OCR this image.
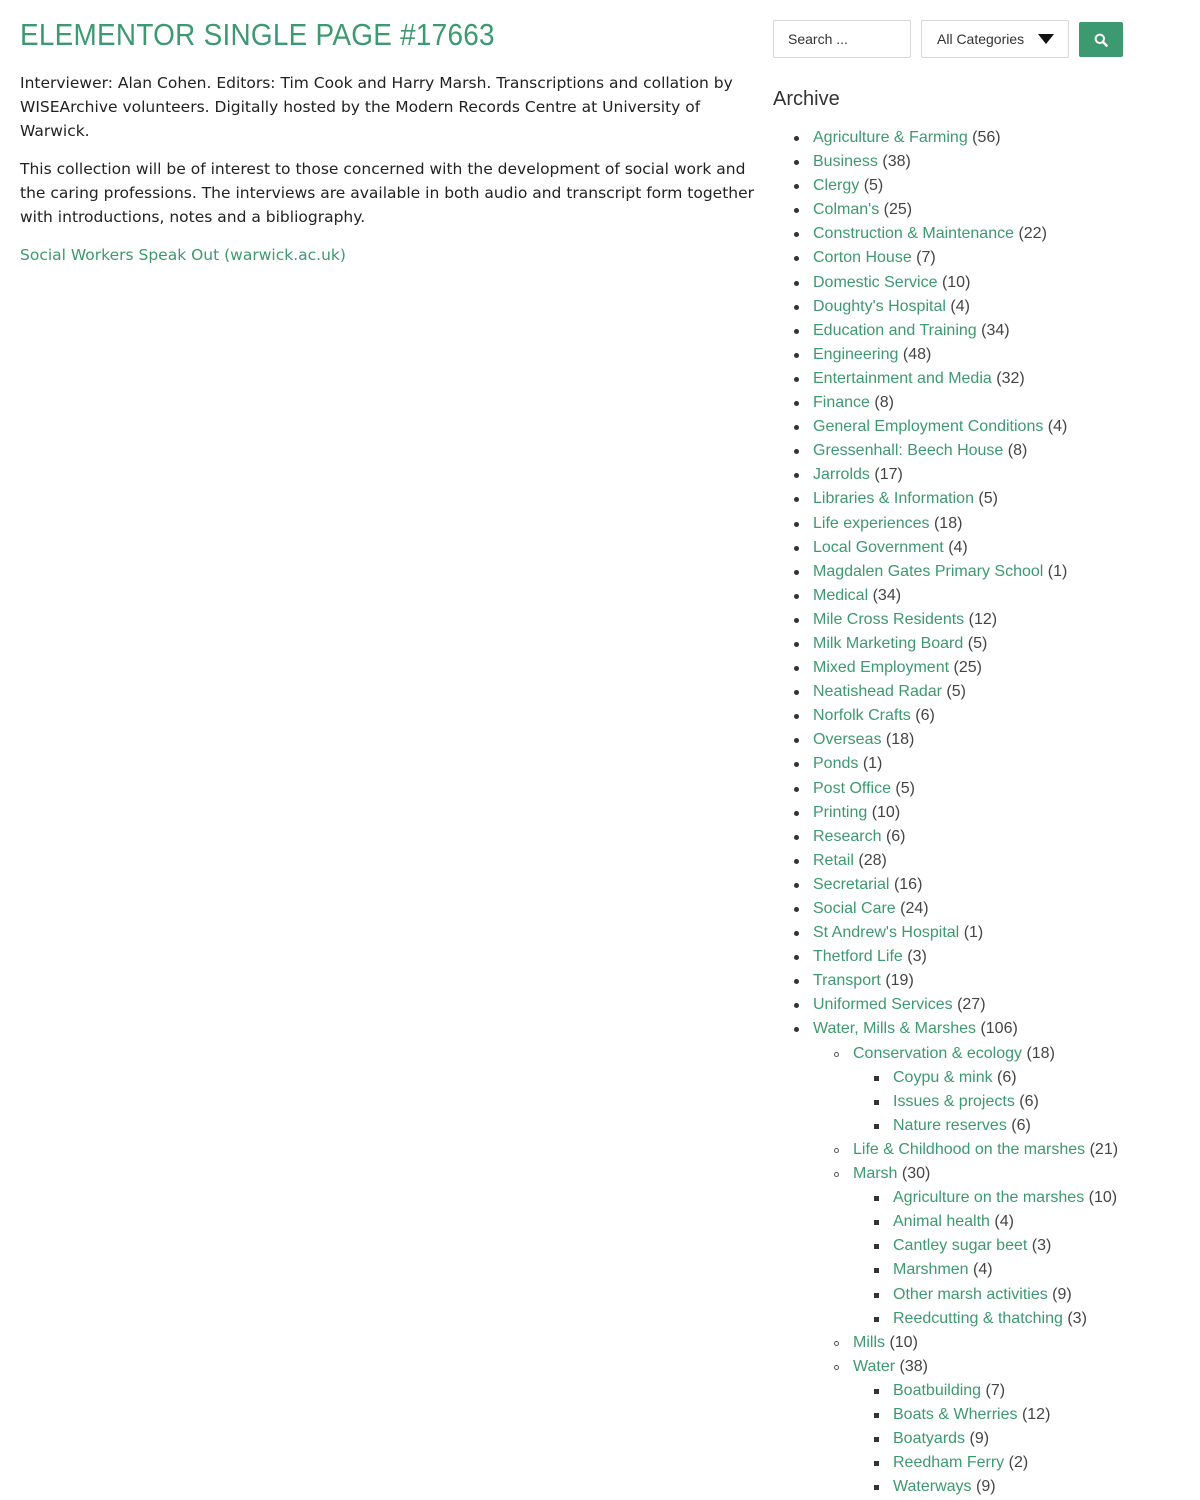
ELEMENTOR SINGLE PAGE #17663

Interviewer: Alan Cohen. Editors: Tim Cook and Harry Marsh. Transcriptions and collation by WISEArchive volunteers. Digitally hosted by the Modern Records Centre at University of Warwick.

This collection will be of interest to those concerned with the development of social work and the caring professions. The interviews are available in both audio and transcript form together with introductions, notes and a bibliography.

Social Workers Speak Out (warwick.ac.uk)
Search ...
All Categories
Archive
Agriculture & Farming (56)
Business (38)
Clergy (5)
Colman's (25)
Construction & Maintenance (22)
Corton House (7)
Domestic Service (10)
Doughty's Hospital (4)
Education and Training (34)
Engineering (48)
Entertainment and Media (32)
Finance (8)
General Employment Conditions (4)
Gressenhall: Beech House (8)
Jarrolds (17)
Libraries & Information (5)
Life experiences (18)
Local Government (4)
Magdalen Gates Primary School (1)
Medical (34)
Mile Cross Residents (12)
Milk Marketing Board (5)
Mixed Employment (25)
Neatishead Radar (5)
Norfolk Crafts (6)
Overseas (18)
Ponds (1)
Post Office (5)
Printing (10)
Research (6)
Retail (28)
Secretarial (16)
Social Care (24)
St Andrew's Hospital (1)
Thetford Life (3)
Transport (19)
Uniformed Services (27)
Water, Mills & Marshes (106)
Conservation & ecology (18)
Coypu & mink (6)
Issues & projects (6)
Nature reserves (6)
Life & Childhood on the marshes (21)
Marsh (30)
Agriculture on the marshes (10)
Animal health (4)
Cantley sugar beet (3)
Marshmen (4)
Other marsh activities (9)
Reedcutting & thatching (3)
Mills (10)
Water (38)
Boatbuilding (7)
Boats & Wherries (12)
Boatyards (9)
Reedham Ferry (2)
Waterways (9)
